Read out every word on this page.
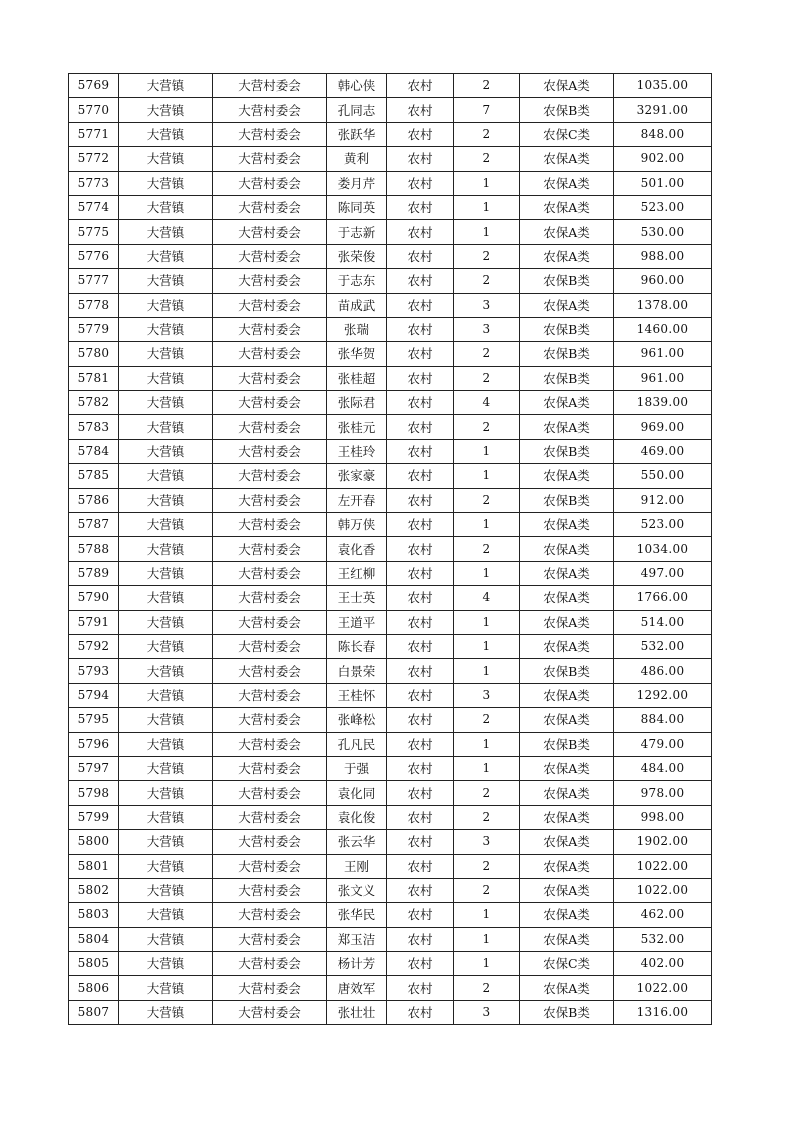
5769	大营镇	大营村委会	韩心侠	农村	2	农保A类	1035.00
5770	大营镇	大营村委会	孔同志	农村	7	农保B类	3291.00
5771	大营镇	大营村委会	张跃华	农村	2	农保C类	848.00
5772	大营镇	大营村委会	黄利	农村	2	农保A类	902.00
5773	大营镇	大营村委会	娄月芹	农村	1	农保A类	501.00
5774	大营镇	大营村委会	陈同英	农村	1	农保A类	523.00
5775	大营镇	大营村委会	于志新	农村	1	农保A类	530.00
5776	大营镇	大营村委会	张荣俊	农村	2	农保A类	988.00
5777	大营镇	大营村委会	于志东	农村	2	农保B类	960.00
5778	大营镇	大营村委会	苗成武	农村	3	农保A类	1378.00
5779	大营镇	大营村委会	张瑞	农村	3	农保B类	1460.00
5780	大营镇	大营村委会	张华贺	农村	2	农保B类	961.00
5781	大营镇	大营村委会	张桂超	农村	2	农保B类	961.00
5782	大营镇	大营村委会	张际君	农村	4	农保A类	1839.00
5783	大营镇	大营村委会	张桂元	农村	2	农保A类	969.00
5784	大营镇	大营村委会	王桂玲	农村	1	农保B类	469.00
5785	大营镇	大营村委会	张家豪	农村	1	农保A类	550.00
5786	大营镇	大营村委会	左开春	农村	2	农保B类	912.00
5787	大营镇	大营村委会	韩万侠	农村	1	农保A类	523.00
5788	大营镇	大营村委会	袁化香	农村	2	农保A类	1034.00
5789	大营镇	大营村委会	王红柳	农村	1	农保A类	497.00
5790	大营镇	大营村委会	王士英	农村	4	农保A类	1766.00
5791	大营镇	大营村委会	王道平	农村	1	农保A类	514.00
5792	大营镇	大营村委会	陈长春	农村	1	农保A类	532.00
5793	大营镇	大营村委会	白景荣	农村	1	农保B类	486.00
5794	大营镇	大营村委会	王桂怀	农村	3	农保A类	1292.00
5795	大营镇	大营村委会	张峰松	农村	2	农保A类	884.00
5796	大营镇	大营村委会	孔凡民	农村	1	农保B类	479.00
5797	大营镇	大营村委会	于强	农村	1	农保A类	484.00
5798	大营镇	大营村委会	袁化同	农村	2	农保A类	978.00
5799	大营镇	大营村委会	袁化俊	农村	2	农保A类	998.00
5800	大营镇	大营村委会	张云华	农村	3	农保A类	1902.00
5801	大营镇	大营村委会	王刚	农村	2	农保A类	1022.00
5802	大营镇	大营村委会	张文义	农村	2	农保A类	1022.00
5803	大营镇	大营村委会	张华民	农村	1	农保A类	462.00
5804	大营镇	大营村委会	郑玉洁	农村	1	农保A类	532.00
5805	大营镇	大营村委会	杨计芳	农村	1	农保C类	402.00
5806	大营镇	大营村委会	唐效军	农村	2	农保A类	1022.00
5807	大营镇	大营村委会	张壮壮	农村	3	农保B类	1316.00
